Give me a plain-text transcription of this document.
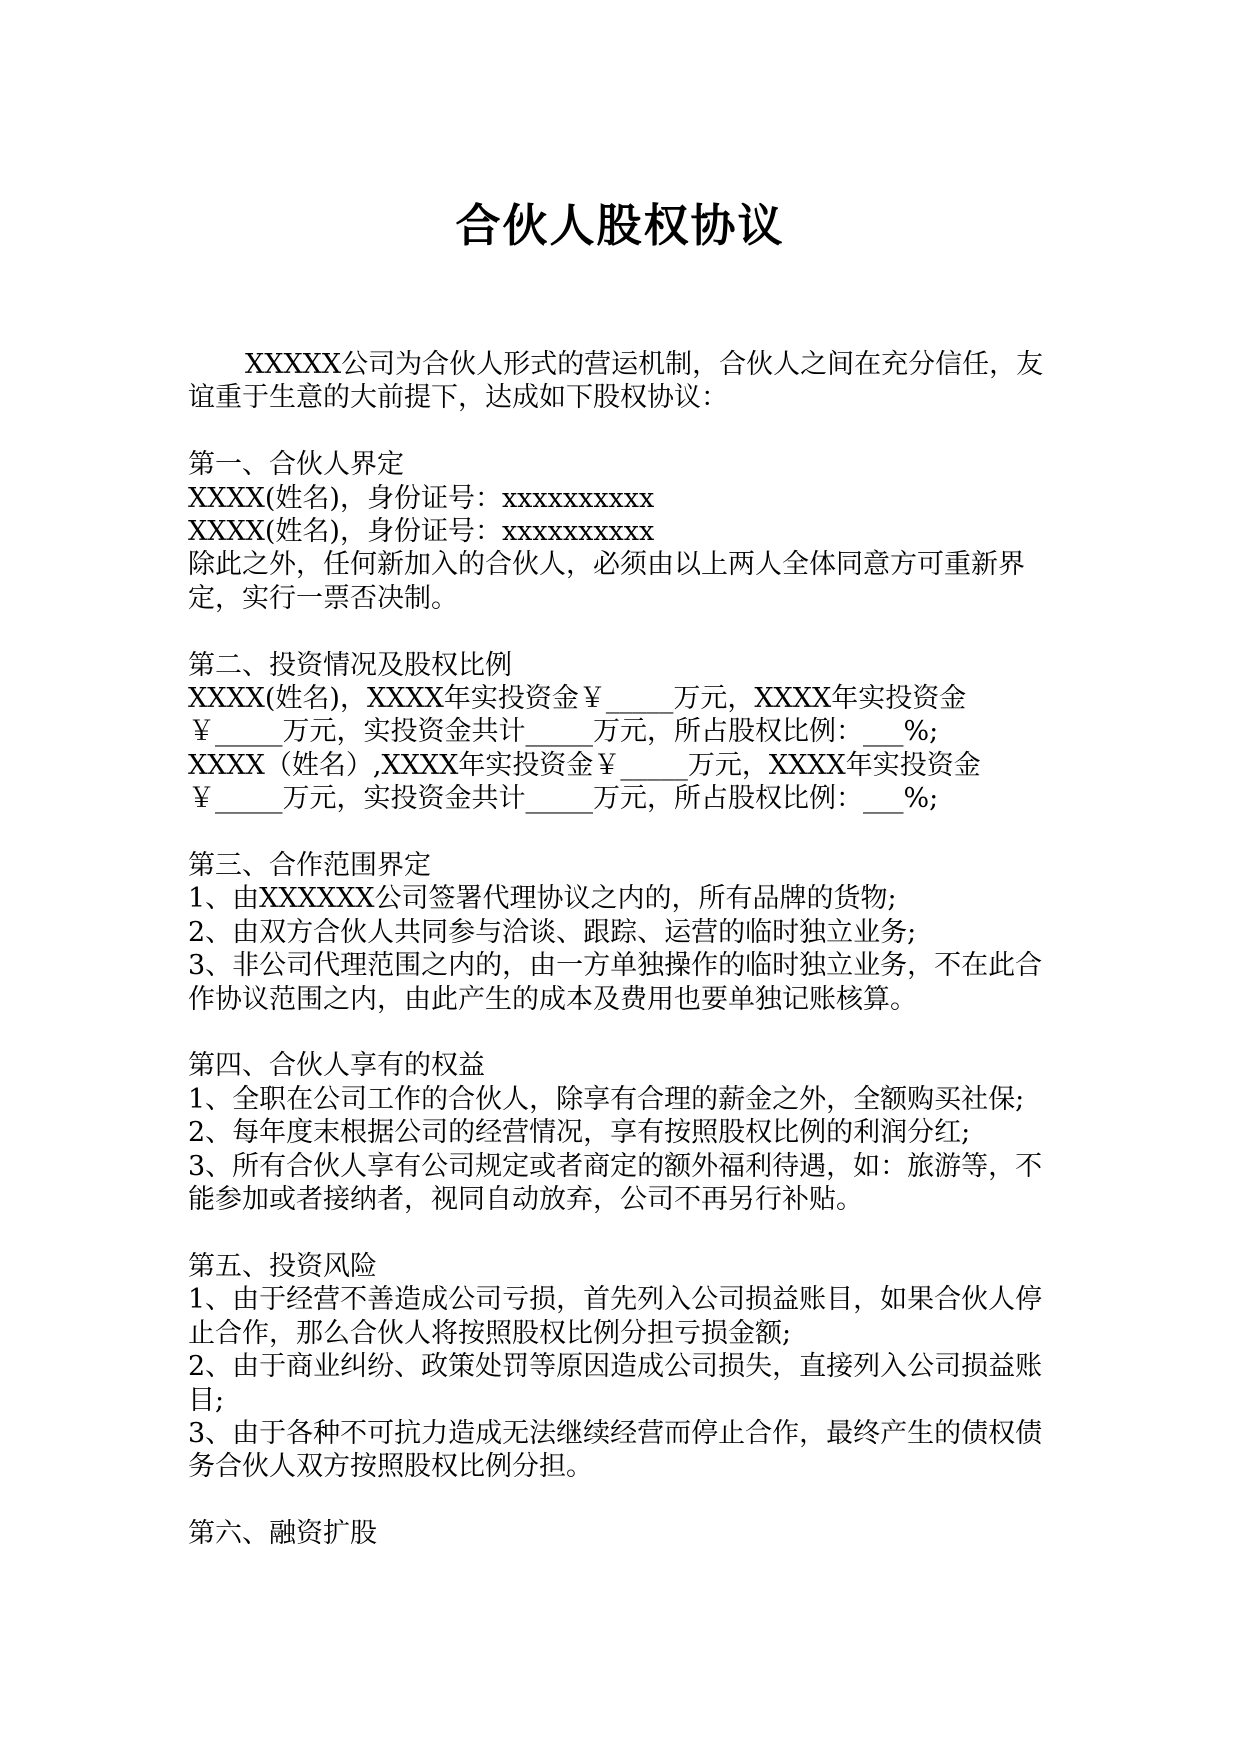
合伙人股权协议

XXXXX公司为合伙人形式的营运机制，合伙人之间在充分信任，友谊重于生意的大前提下，达成如下股权协议：

第一、合伙人界定

XXXX(姓名)，身份证号：xxxxxxxxxx

XXXX(姓名)，身份证号：xxxxxxxxxx

除此之外，任何新加入的合伙人，必须由以上两人全体同意方可重新界定，实行一票否决制。

第二、投资情况及股权比例

XXXX(姓名)，XXXX年实投资金￥_____万元，XXXX年实投资金￥_____万元，实投资金共计_____万元，所占股权比例：___%;

XXXX（姓名）,XXXX年实投资金￥_____万元，XXXX年实投资金￥_____万元，实投资金共计_____万元，所占股权比例：___%;

第三、合作范围界定

1、由XXXXXX公司签署代理协议之内的，所有品牌的货物;

2、由双方合伙人共同参与洽谈、跟踪、运营的临时独立业务;

3、非公司代理范围之内的，由一方单独操作的临时独立业务，不在此合作协议范围之内，由此产生的成本及费用也要单独记账核算。

第四、合伙人享有的权益

1、全职在公司工作的合伙人，除享有合理的薪金之外，全额购买社保;

2、每年度末根据公司的经营情况，享有按照股权比例的利润分红;

3、所有合伙人享有公司规定或者商定的额外福利待遇，如：旅游等，不能参加或者接纳者，视同自动放弃，公司不再另行补贴。

第五、投资风险

1、由于经营不善造成公司亏损，首先列入公司损益账目，如果合伙人停止合作，那么合伙人将按照股权比例分担亏损金额;

2、由于商业纠纷、政策处罚等原因造成公司损失，直接列入公司损益账目;

3、由于各种不可抗力造成无法继续经营而停止合作，最终产生的债权债务合伙人双方按照股权比例分担。

第六、融资扩股
